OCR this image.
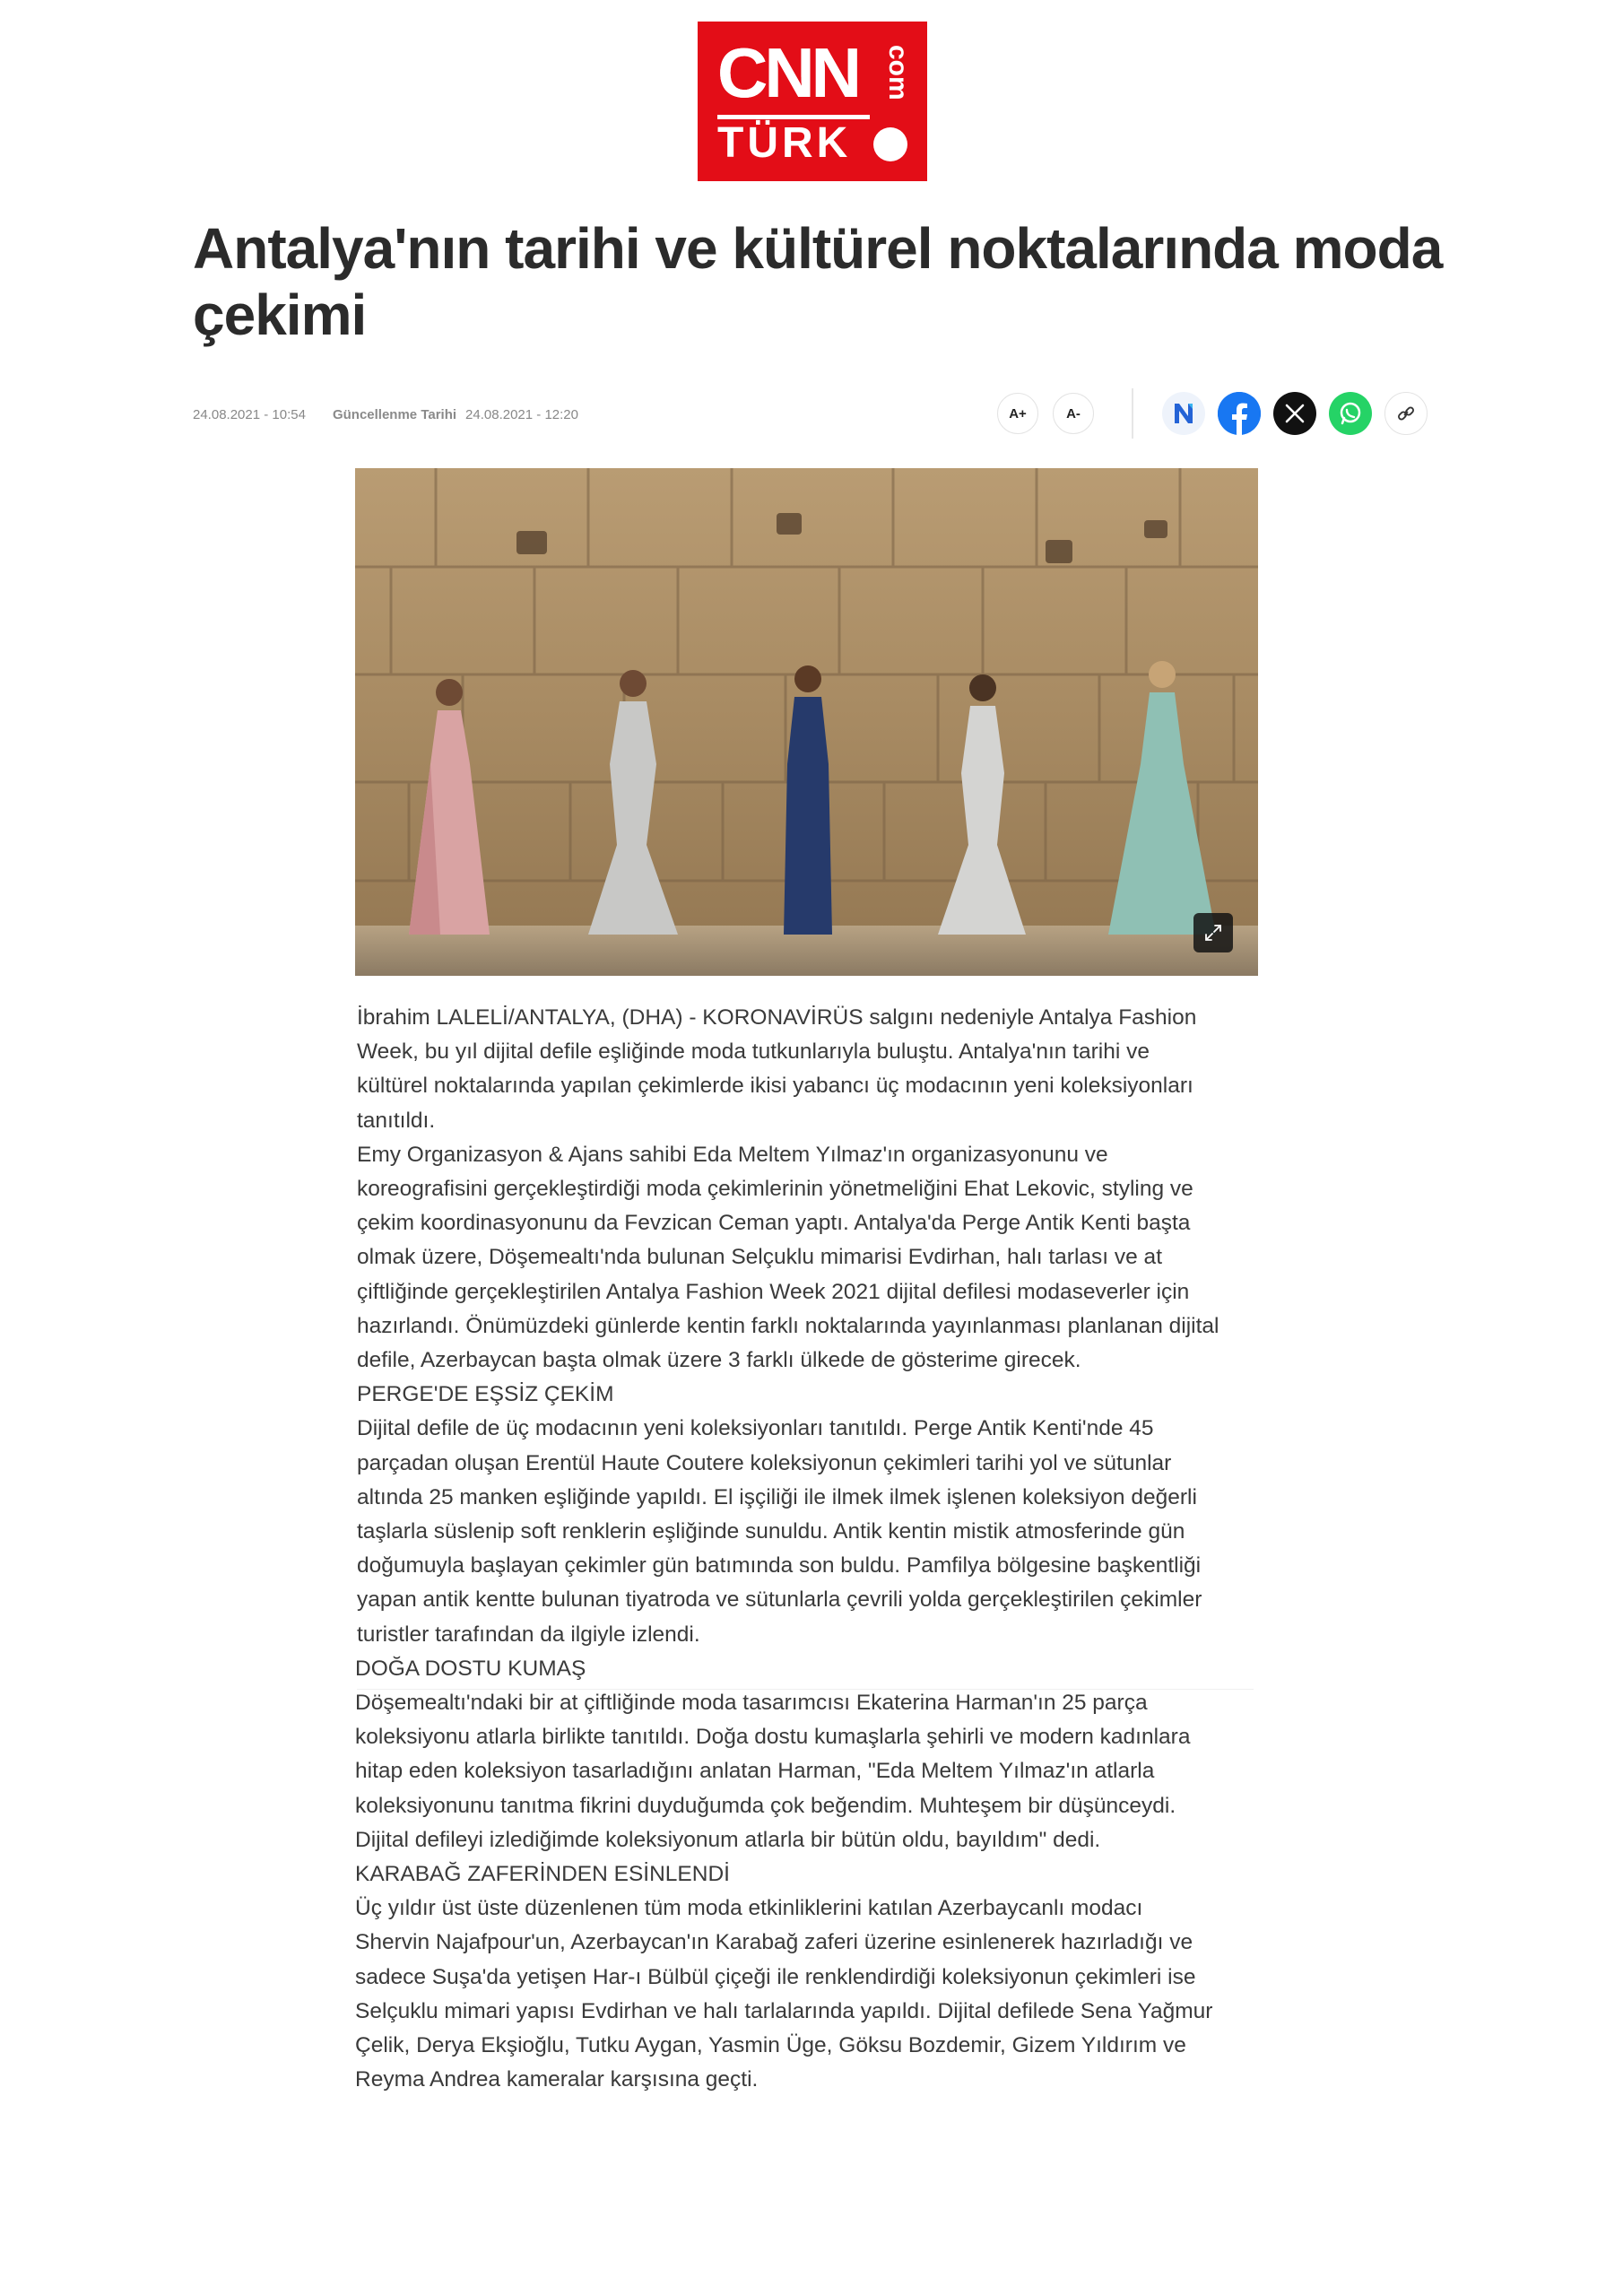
CNN com
TÜRK
Antalya'nın tarihi ve kültürel noktalarında moda çekimi
24.08.2021 - 10:54 Güncellenme Tarihi 24.08.2021 - 12:20	A+	A-

İbrahim LALELİ/ANTALYA, (DHA) - KORONAVİRÜS salgını nedeniyle Antalya Fashion Week, bu yıl dijital defile eşliğinde moda tutkunlarıyla buluştu. Antalya'nın tarihi ve kültürel noktalarında yapılan çekimlerde ikisi yabancı üç modacının yeni koleksiyonları tanıtıldı.

Emy Organizasyon & Ajans sahibi Eda Meltem Yılmaz'ın organizasyonunu ve koreografisini gerçekleştirdiği moda çekimlerinin yönetmeliğini Ehat Lekovic, styling ve çekim koordinasyonunu da Fevzican Ceman yaptı. Antalya'da Perge Antik Kenti başta olmak üzere, Döşemealtı'nda bulunan Selçuklu mimarisi Evdirhan, halı tarlası ve at çiftliğinde gerçekleştirilen Antalya Fashion Week 2021 dijital defilesi modaseverler için hazırlandı. Önümüzdeki günlerde kentin farklı noktalarında yayınlanması planlanan dijital defile, Azerbaycan başta olmak üzere 3 farklı ülkede de gösterime girecek.

PERGE'DE EŞSİZ ÇEKİM

Dijital defile de üç modacının yeni koleksiyonları tanıtıldı. Perge Antik Kenti'nde 45 parçadan oluşan Erentül Haute Coutere koleksiyonun çekimleri tarihi yol ve sütunlar altında 25 manken eşliğinde yapıldı. El işçiliği ile ilmek ilmek işlenen koleksiyon değerli taşlarla süslenip soft renklerin eşliğinde sunuldu. Antik kentin mistik atmosferinde gün doğumuyla başlayan çekimler gün batımında son buldu. Pamfilya bölgesine başkentliği yapan antik kentte bulunan tiyatroda ve sütunlarla çevrili yolda gerçekleştirilen çekimler turistler tarafından da ilgiyle izlendi.

DOĞA DOSTU KUMAŞ

Döşemealtı'ndaki bir at çiftliğinde moda tasarımcısı Ekaterina Harman'ın 25 parça koleksiyonu atlarla birlikte tanıtıldı. Doğa dostu kumaşlarla şehirli ve modern kadınlara hitap eden koleksiyon tasarladığını anlatan Harman, "Eda Meltem Yılmaz'ın atlarla koleksiyonunu tanıtma fikrini duyduğumda çok beğendim. Muhteşem bir düşünceydi. Dijital defileyi izlediğimde koleksiyonum atlarla bir bütün oldu, bayıldım" dedi.

KARABAĞ ZAFERİNDEN ESİNLENDİ

Üç yıldır üst üste düzenlenen tüm moda etkinliklerini katılan Azerbaycanlı modacı Shervin Najafpour'un, Azerbaycan'ın Karabağ zaferi üzerine esinlenerek hazırladığı ve sadece Suşa'da yetişen Har-ı Bülbül çiçeği ile renklendirdiği koleksiyonun çekimleri ise Selçuklu mimari yapısı Evdirhan ve halı tarlalarında yapıldı. Dijital defilede Sena Yağmur Çelik, Derya Ekşioğlu, Tutku Aygan, Yasmin Üge, Göksu Bozdemir, Gizem Yıldırım ve Reyma Andrea kameralar karşısına geçti.
